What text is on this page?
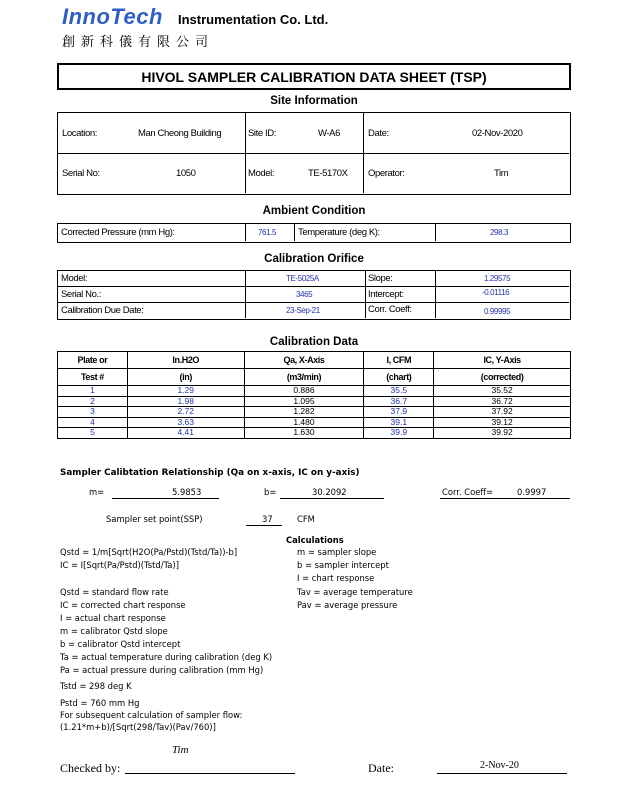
InnoTech Instrumentation Co. Ltd.
創新科儀有限公司
HIVOL SAMPLER CALIBRATION DATA SHEET (TSP)
Site Information
Location:	Man Cheong Building	Site ID:	W-A6	Date:	02-Nov-2020
Serial No:	1050	Model:	TE-5170X Operator:	Tim
Ambient Condition
Corrected Pressure (mm Hg):	761.5 Temperature (deg K):	298.3
Calibration Orifice
Model:	TE-5025A	Slope:	1.29575
Serial No.:	3465	Intercept:	-0.01116
Calibration Due Date:	23-Sep-21	Corr. Coeff:	0.99995
Calibration Data
Plate or	In.H2O	Qa, X-Axis	I, CFM	IC, Y-Axis
Test #	(in)	(m3/min)	(chart)	(corrected)
1	1.29	0.886	35.5	35.52
2	1.98	1.095	36.7	36.72
3	2.72	1.282	37.9	37.92
4	3.63	1.480	39.1	39.12
5	4.41	1.630	39.9	39.92
Sampler Calibtation Relationship (Qa on x-axis, IC on y-axis)
m=	5.9853	b=	30.2092	Corr. Coeff=	0.9997
Sampler set point(SSP)	37	CFM
Calculations
Qstd = 1/m[Sqrt(H2O(Pa/Pstd)(Tstd/Ta))-b]
IC = I[Sqrt(Pa/Pstd)(Tstd/Ta)]
Qstd = standard flow rate
IC = corrected chart response
I = actual chart response
m = calibrator Qstd slope
b = calibrator Qstd intercept
Ta = actual temperature during calibration (deg K)
Pa = actual pressure during calibration (mm Hg)
Tstd = 298 deg K
Pstd = 760 mm Hg
For subsequent calculation of sampler flow:
(1.21*m+b)/[Sqrt(298/Tav)(Pav/760)]
m = sampler slope
b = sampler intercept
I = chart response
Tav = average temperature
Pav = average pressure
Tim
Checked by:	Date:	2-Nov-20
